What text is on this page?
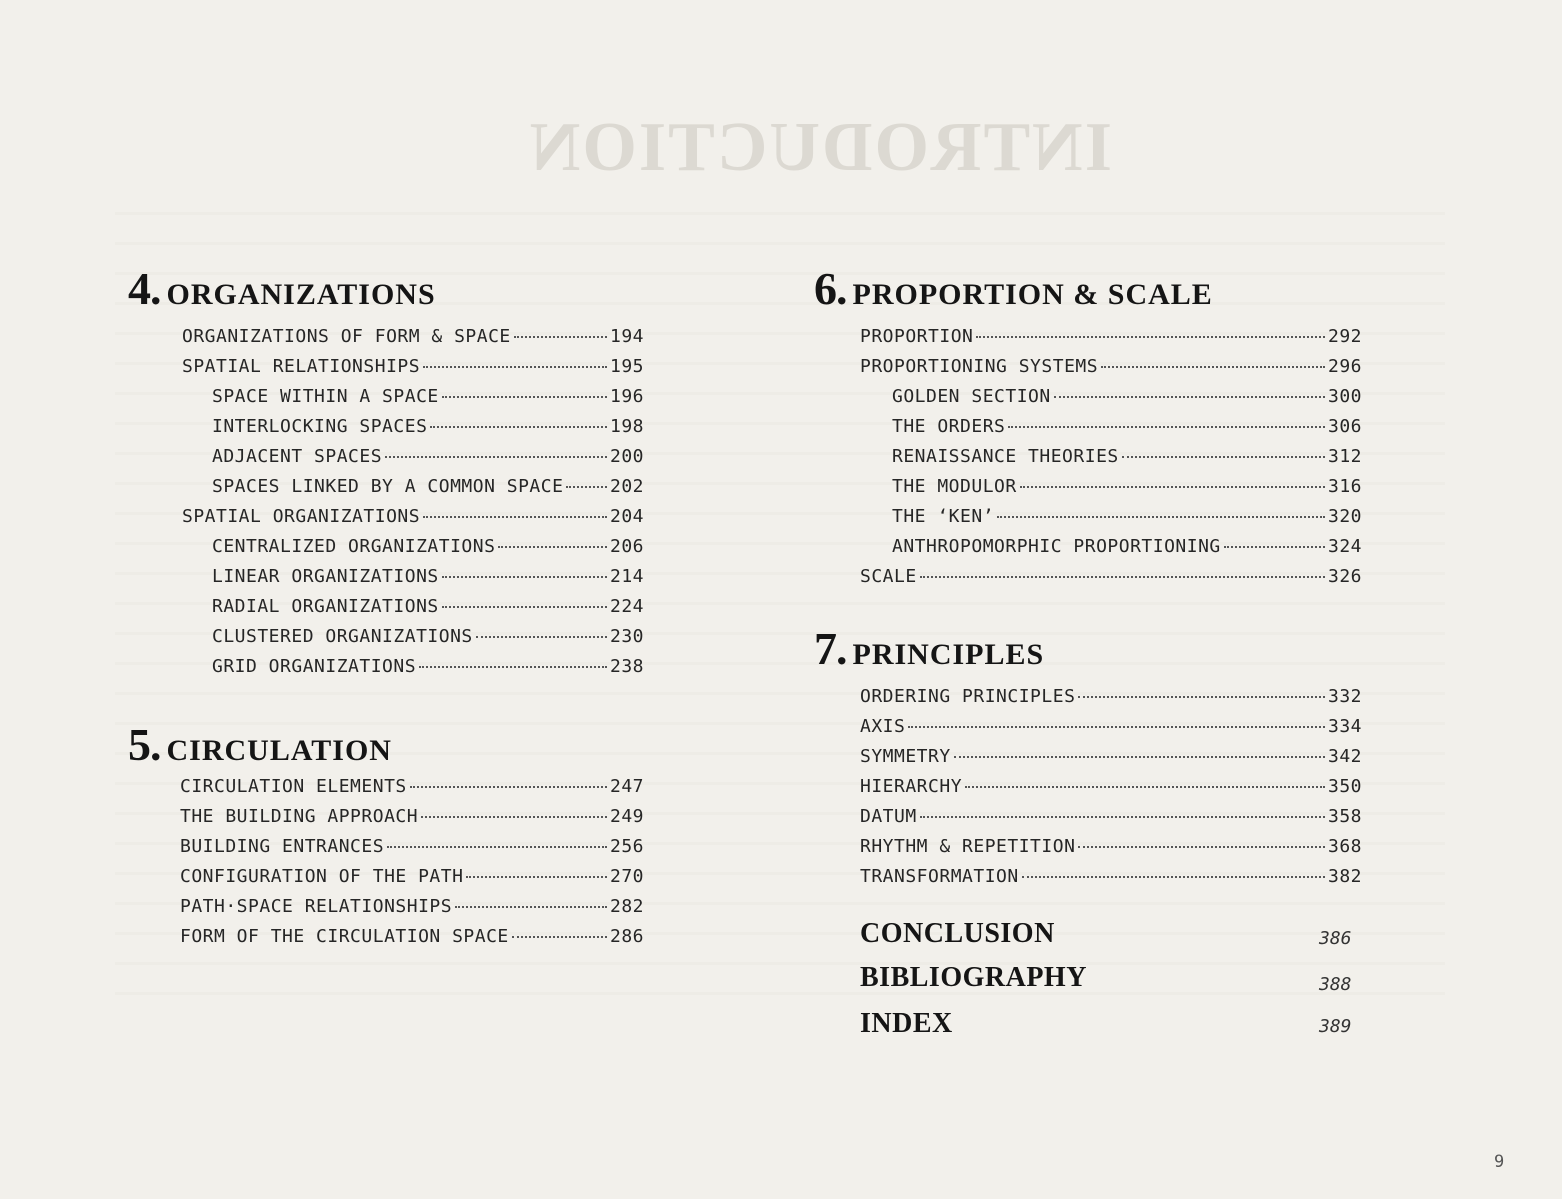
INTRODUCTION
4. ORGANIZATIONS
ORGANIZATIONS OF FORM & SPACE	194
SPATIAL RELATIONSHIPS	195
SPACE WITHIN A SPACE	196
INTERLOCKING SPACES	198
ADJACENT SPACES	200
SPACES LINKED BY A COMMON SPACE	202
SPATIAL ORGANIZATIONS	204
CENTRALIZED ORGANIZATIONS	206
LINEAR ORGANIZATIONS	214
RADIAL ORGANIZATIONS	224
CLUSTERED ORGANIZATIONS	230
GRID ORGANIZATIONS	238
5. CIRCULATION
CIRCULATION ELEMENTS	247
THE BUILDING APPROACH	249
BUILDING ENTRANCES	256
CONFIGURATION OF THE PATH	270
PATH·SPACE RELATIONSHIPS	282
FORM OF THE CIRCULATION SPACE	286
6. PROPORTION & SCALE
PROPORTION	292
PROPORTIONING SYSTEMS	296
GOLDEN SECTION	300
THE ORDERS	306
RENAISSANCE THEORIES	312
THE MODULOR	316
THE ‘KEN’	320
ANTHROPOMORPHIC PROPORTIONING	324
SCALE	326
7. PRINCIPLES
ORDERING PRINCIPLES	332
AXIS	334
SYMMETRY	342
HIERARCHY	350
DATUM	358
RHYTHM & REPETITION	368
TRANSFORMATION	382
CONCLUSION	386
BIBLIOGRAPHY	388
INDEX	389
9
